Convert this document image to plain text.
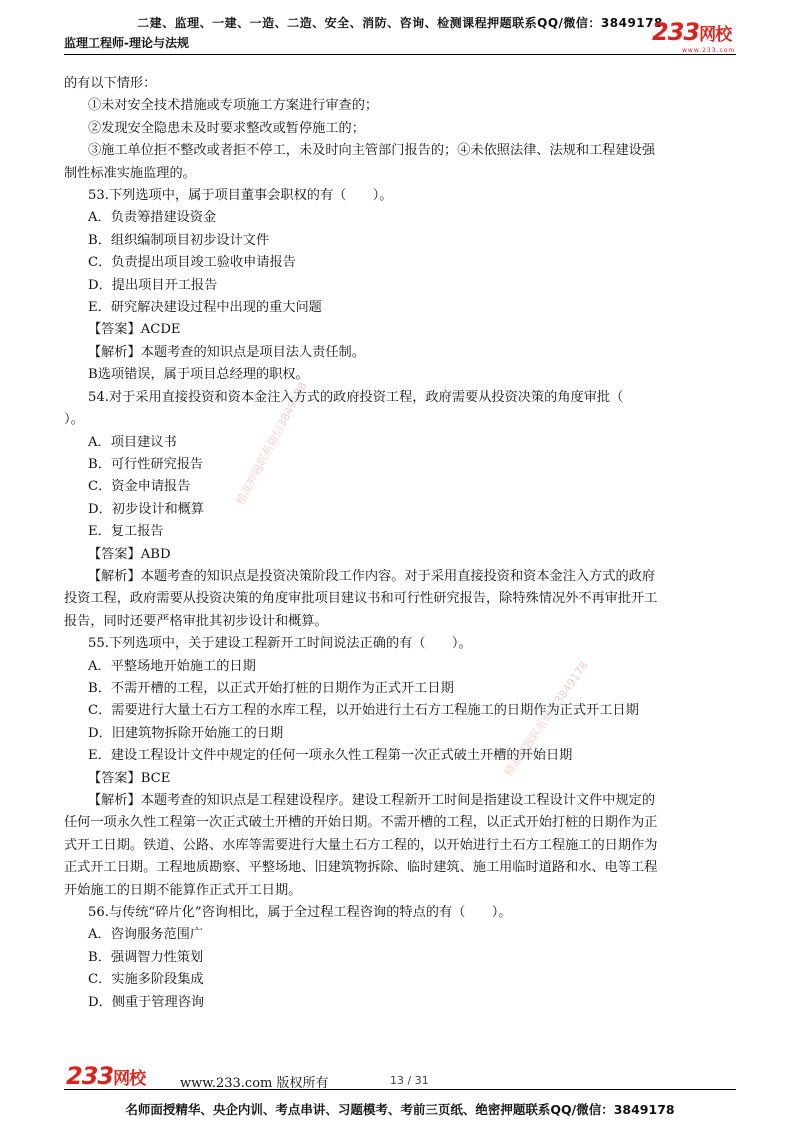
二建、监理、一建、一造、二造、安全、消防、咨询、检测课程押题联系QQ/微信：3849178
监理工程师-理论与法规	233网校
www.233.com

的有以下情形：

①未对安全技术措施或专项施工方案进行审查的；

②发现安全隐患未及时要求整改或暂停施工的；

③施工单位拒不整改或者拒不停工，未及时向主管部门报告的；④未依照法律、法规和工程建设强

制性标准实施监理的。

53.下列选项中，属于项目董事会职权的有（　　）。

A．负责筹措建设资金

B．组织编制项目初步设计文件

C．负责提出项目竣工验收申请报告

D．提出项目开工报告

E．研究解决建设过程中出现的重大问题

【答案】ACDE

【解析】本题考查的知识点是项目法人责任制。

B选项错误，属于项目总经理的职权。

54.对于采用直接投资和资本金注入方式的政府投资工程，政府需要从投资决策的角度审批（

）。

A．项目建议书

B．可行性研究报告

C．资金申请报告

D．初步设计和概算

E．复工报告

【答案】ABD

【解析】本题考查的知识点是投资决策阶段工作内容。对于采用直接投资和资本金注入方式的政府

投资工程，政府需要从投资决策的角度审批项目建议书和可行性研究报告，除特殊情况外不再审批开工

报告，同时还要严格审批其初步设计和概算。

55.下列选项中，关于建设工程新开工时间说法正确的有（　　）。

A．平整场地开始施工的日期

B．不需开槽的工程，以正式开始打桩的日期作为正式开工日期

C．需要进行大量土石方工程的水库工程，以开始进行土石方工程施工的日期作为正式开工日期

D．旧建筑物拆除开始施工的日期

E．建设工程设计文件中规定的任何一项永久性工程第一次正式破土开槽的开始日期

【答案】BCE

【解析】本题考查的知识点是工程建设程序。建设工程新开工时间是指建设工程设计文件中规定的

任何一项永久性工程第一次正式破土开槽的开始日期。不需开槽的工程，以正式开始打桩的日期作为正

式开工日期。铁道、公路、水库等需要进行大量土石方工程的，以开始进行土石方工程施工的日期作为

正式开工日期。工程地质勘察、平整场地、旧建筑物拆除、临时建筑、施工用临时道路和水、电等工程

开始施工的日期不能算作正式开工日期。

56.与传统“碎片化”咨询相比，属于全过程工程咨询的特点的有（　　）。

A．咨询服务范围广

B．强调智力性策划

C．实施多阶段集成

D．侧重于管理咨询

精准押题联系微信3849178
精准押题联系微信3849178
233网校	www.233.com 版权所有	13 / 31
名师面授精华、央企内训、考点串讲、习题模考、考前三页纸、绝密押题联系QQ/微信：3849178
